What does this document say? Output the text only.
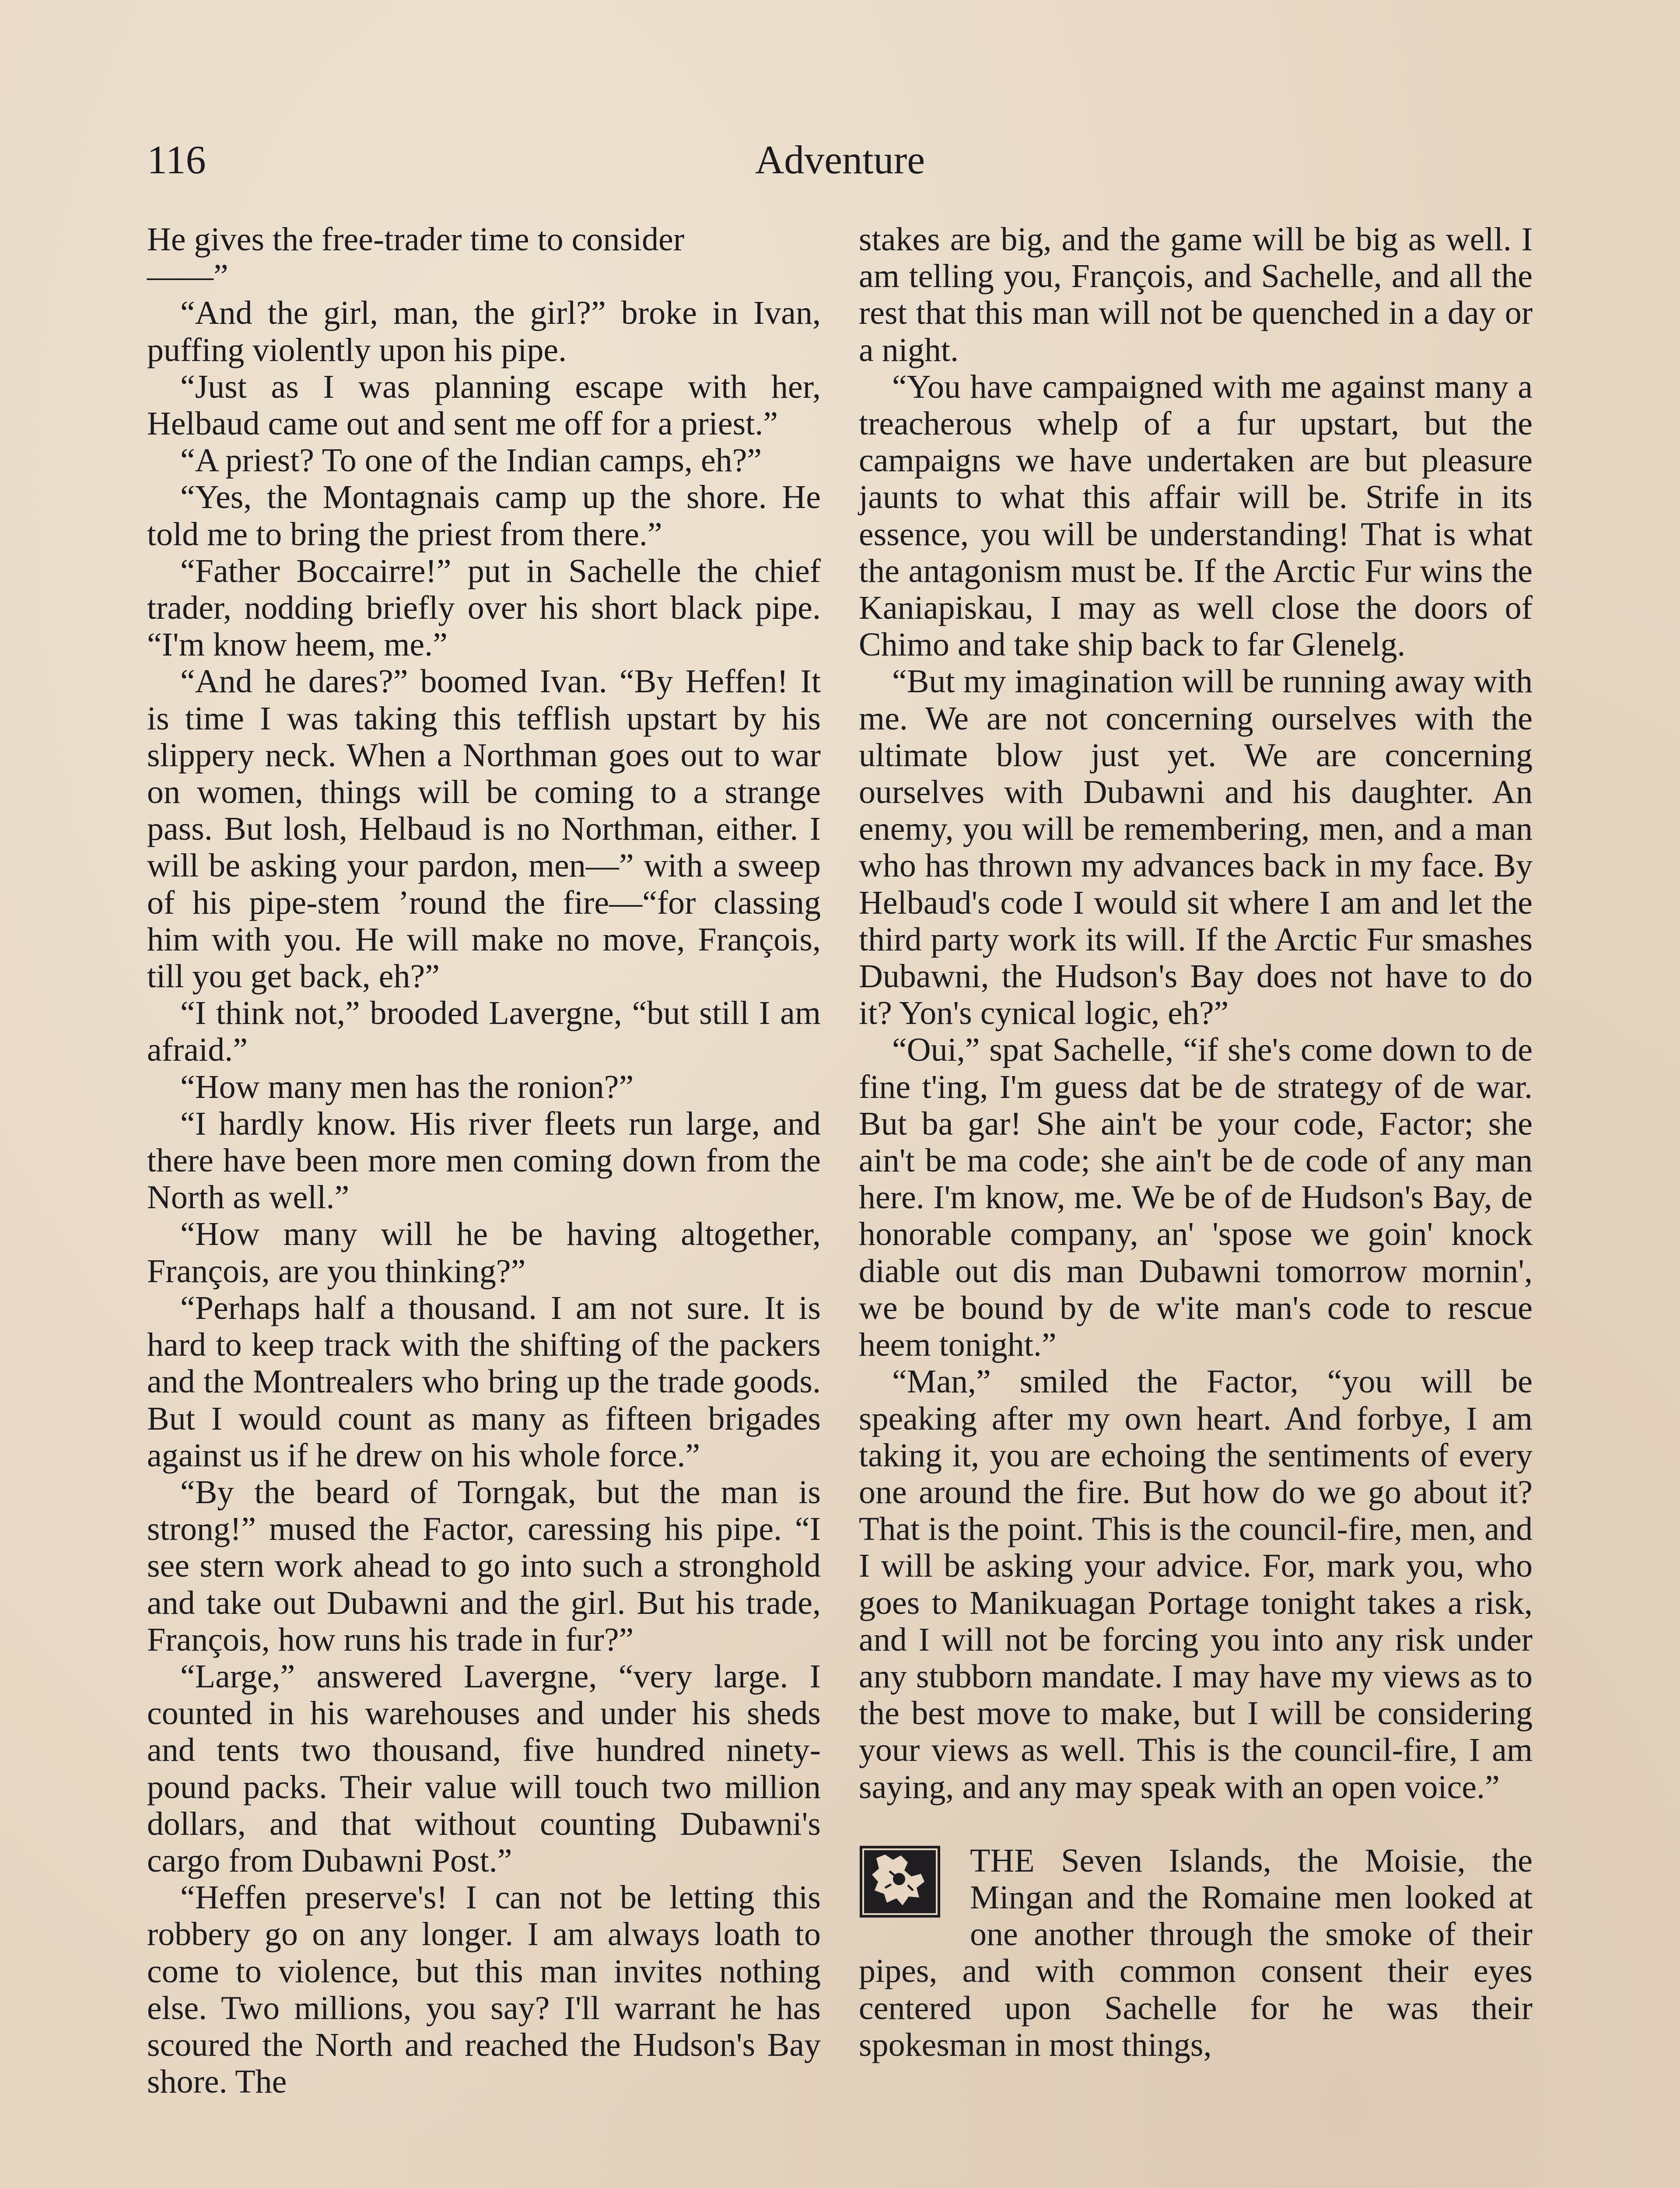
116	Adventure

He gives the free-trader time to consider
——”

“And the girl, man, the girl?” broke in Ivan, puffing violently upon his pipe.

“Just as I was planning escape with her, Helbaud came out and sent me off for a priest.”

“A priest? To one of the Indian camps, eh?”

“Yes, the Montagnais camp up the shore. He told me to bring the priest from there.”

“Father Boccairre!” put in Sachelle the chief trader, nodding briefly over his short black pipe. “I'm know heem, me.”

“And he dares?” boomed Ivan. “By Heffen! It is time I was taking this tefflish upstart by his slippery neck. When a Northman goes out to war on women, things will be coming to a strange pass. But losh, Helbaud is no Northman, either. I will be asking your pardon, men—” with a sweep of his pipe-stem ’round the fire—“for classing him with you. He will make no move, François, till you get back, eh?”

“I think not,” brooded Lavergne, “but still I am afraid.”

“How many men has the ronion?”

“I hardly know. His river fleets run large, and there have been more men coming down from the North as well.”

“How many will he be having altogether, François, are you thinking?”

“Perhaps half a thousand. I am not sure. It is hard to keep track with the shifting of the packers and the Montrealers who bring up the trade goods. But I would count as many as fifteen brigades against us if he drew on his whole force.”

“By the beard of Torngak, but the man is strong!” mused the Factor, caressing his pipe. “I see stern work ahead to go into such a stronghold and take out Dubawni and the girl. But his trade, François, how runs his trade in fur?”

“Large,” answered Lavergne, “very large. I counted in his warehouses and under his sheds and tents two thousand, five hundred ninety-pound packs. Their value will touch two million dollars, and that without counting Dubawni's cargo from Dubawni Post.”

“Heffen preserve's! I can not be letting this robbery go on any longer. I am always loath to come to violence, but this man invites nothing else. Two millions, you say? I'll warrant he has scoured the North and reached the Hudson's Bay shore. The

stakes are big, and the game will be big as well. I am telling you, François, and Sachelle, and all the rest that this man will not be quenched in a day or a night.

“You have campaigned with me against many a treacherous whelp of a fur upstart, but the campaigns we have undertaken are but pleasure jaunts to what this affair will be. Strife in its essence, you will be understanding! That is what the antagonism must be. If the Arctic Fur wins the Kaniapiskau, I may as well close the doors of Chimo and take ship back to far Glenelg.

“But my imagination will be running away with me. We are not concerning ourselves with the ultimate blow just yet. We are concerning ourselves with Dubawni and his daughter. An enemy, you will be remembering, men, and a man who has thrown my advances back in my face. By Helbaud's code I would sit where I am and let the third party work its will. If the Arctic Fur smashes Dubawni, the Hudson's Bay does not have to do it? Yon's cynical logic, eh?”

“Oui,” spat Sachelle, “if she's come down to de fine t'ing, I'm guess dat be de strategy of de war. But ba gar! She ain't be your code, Factor; she ain't be ma code; she ain't be de code of any man here. I'm know, me. We be of de Hudson's Bay, de honorable company, an' 'spose we goin' knock diable out dis man Dubawni tomorrow mornin', we be bound by de w'ite man's code to rescue heem tonight.”

“Man,” smiled the Factor, “you will be speaking after my own heart. And forbye, I am taking it, you are echoing the sentiments of every one around the fire. But how do we go about it? That is the point. This is the council-fire, men, and I will be asking your advice. For, mark you, who goes to Manikuagan Portage tonight takes a risk, and I will not be forcing you into any risk under any stubborn mandate. I may have my views as to the best move to make, but I will be considering your views as well. This is the council-fire, I am saying, and any may speak with an open voice.”

THE Seven Islands, the Moisie, the Mingan and the Romaine men looked at one another through the smoke of their pipes, and with common consent their eyes centered upon Sachelle for he was their spokesman in most things,
